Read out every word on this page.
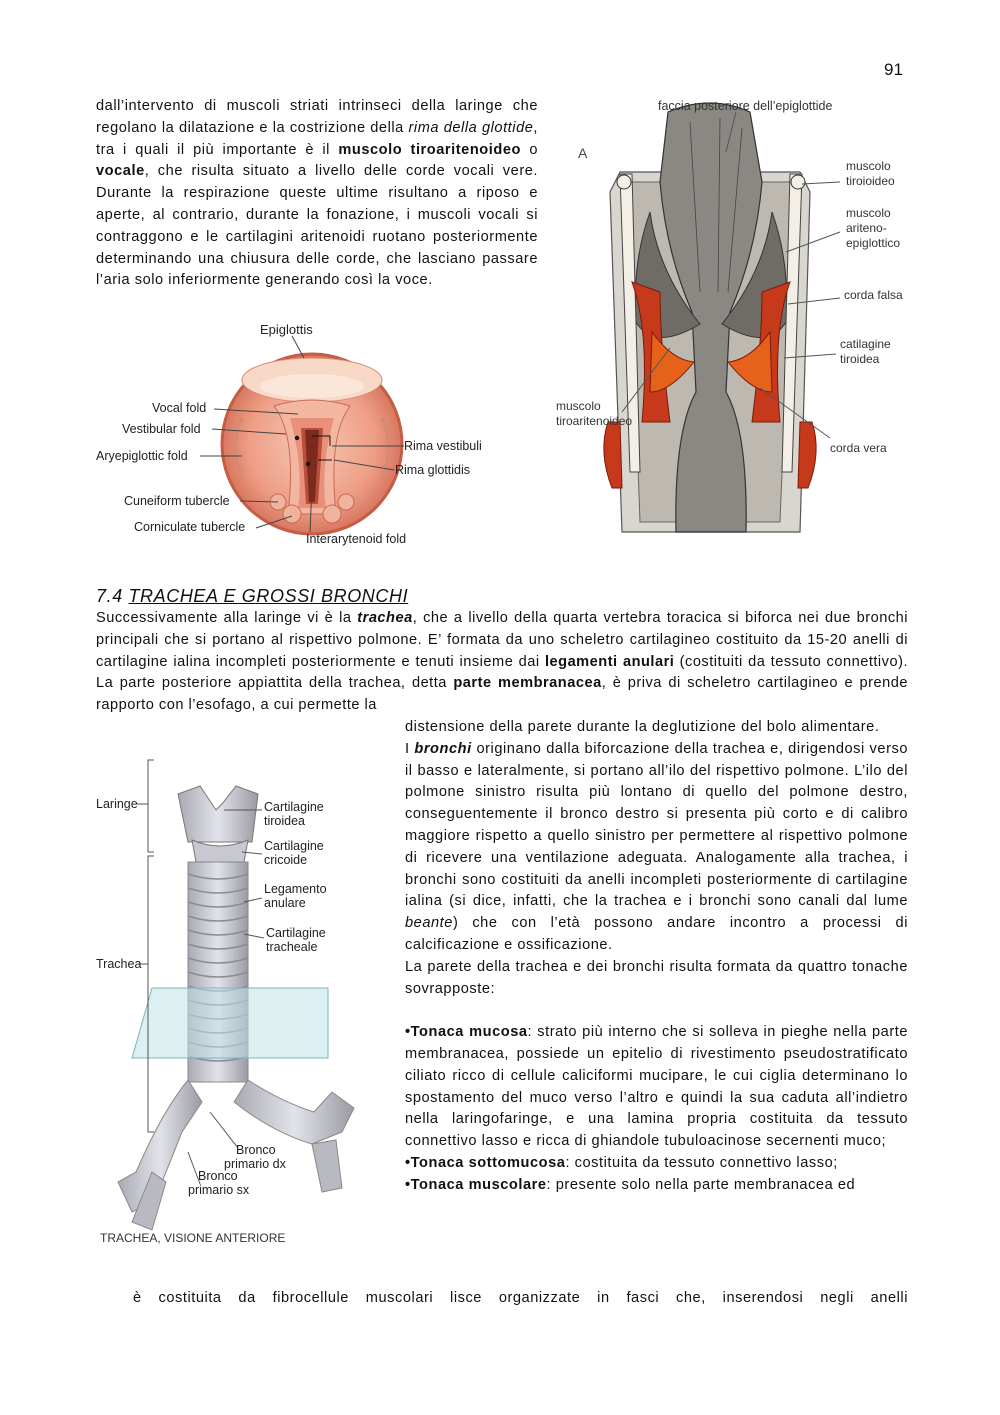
91

dall’intervento di muscoli striati intrinseci della laringe che regolano la dilatazione e la costrizione della rima della glottide, tra i quali il più importante è il muscolo tiroaritenoideo o vocale, che risulta situato a livello delle corde vocali vere. Durante la respirazione queste ultime risultano a riposo e aperte, al contrario, durante la fonazione, i muscoli vocali si contraggono e le cartilagini aritenoidi ruotano posteriormente determinando una chiusura delle corde, che lasciano passare l’aria solo inferiormente generando così la voce.

Epiglottis
Vocal fold
Vestibular fold
Aryepiglottic fold
Cuneiform tubercle
Corniculate tubercle
Interarytenoid fold
Rima vestibuli
Rima glottidis
A
faccia posteriore dell’epiglottide
muscolo
tiroioideo
muscolo
ariteno-
epiglottico
corda falsa
catilagine
tiroidea
muscolo
tiroaritenoideo
corda vera
7.4 TRACHEA E GROSSI BRONCHI

Successivamente alla laringe vi è la trachea, che a livello della quarta vertebra toracica si biforca nei due bronchi principali che si portano al rispettivo polmone. E’ formata da uno scheletro cartilagineo costituito da 15-20 anelli di cartilagine ialina incompleti posteriormente e tenuti insieme dai legamenti anulari (costituiti da tessuto connettivo). La parte posteriore appiattita della trachea, detta parte membranacea, è priva di scheletro cartilagineo e prende rapporto con l’esofago, a cui permette la

distensione della parete durante la deglutizione del bolo alimentare.

I bronchi originano dalla biforcazione della trachea e, dirigendosi verso il basso e lateralmente, si portano all’ilo del rispettivo polmone. L’ilo del polmone sinistro risulta più lontano di quello del polmone destro, conseguentemente il bronco destro si presenta più corto e di calibro maggiore rispetto a quello sinistro per permettere al rispettivo polmone di ricevere una ventilazione adeguata. Analogamente alla trachea, i bronchi sono costituiti da anelli incompleti posteriormente di cartilagine ialina (si dice, infatti, che la trachea e i bronchi sono canali dal lume beante) che con l’età possono andare incontro a processi di calcificazione e ossificazione.

La parete della trachea e dei bronchi risulta formata da quattro tonache sovrapposte:

•Tonaca mucosa: strato più interno che si solleva in pieghe nella parte membranacea, possiede un epitelio di rivestimento pseudostratificato ciliato ricco di cellule caliciformi mucipare, le cui ciglia determinano lo spostamento del muco verso l’altro e quindi la sua caduta all’indietro nella laringofaringe, e una lamina propria costituita da tessuto connettivo lasso e ricca di ghiandole tubuloacinose secernenti muco;

•Tonaca sottomucosa: costituita da tessuto connettivo lasso;

•Tonaca muscolare: presente solo nella parte membranacea ed

è costituita da fibrocellule muscolari lisce organizzate in fasci che, inserendosi negli anelli

Laringe
Trachea
Cartilagine
tiroidea
Cartilagine
cricoide
Legamento
anulare
Cartilagine
tracheale
Bronco
primario dx
Bronco
primario sx
TRACHEA, VISIONE ANTERIORE
